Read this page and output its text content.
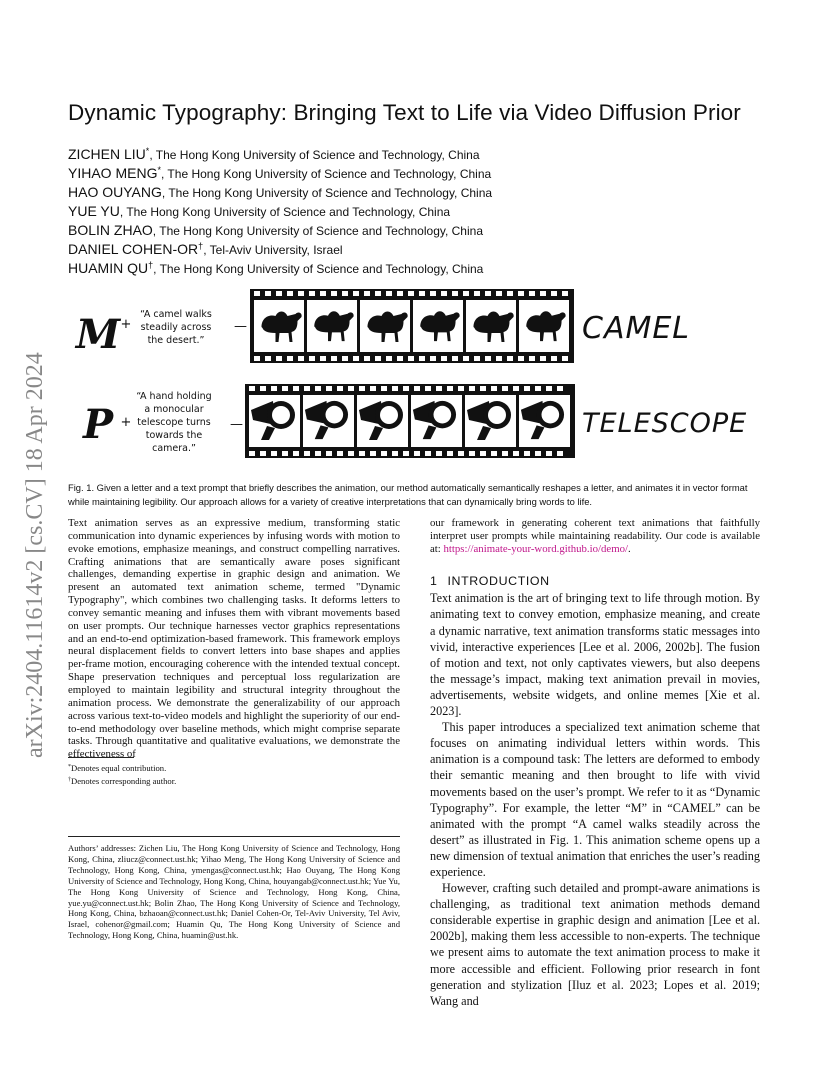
arXiv:2404.11614v2 [cs.CV] 18 Apr 2024
Dynamic Typography: Bringing Text to Life via Video Diffusion Prior
ZICHEN LIU*, The Hong Kong University of Science and Technology, China
YIHAO MENG*, The Hong Kong University of Science and Technology, China
HAO OUYANG, The Hong Kong University of Science and Technology, China
YUE YU, The Hong Kong University of Science and Technology, China
BOLIN ZHAO, The Hong Kong University of Science and Technology, China
DANIEL COHEN-OR†, Tel-Aviv University, Israel
HUAMIN QU†, The Hong Kong University of Science and Technology, China
M +
“A camel walks
steadily across
the desert.”
—	CAMEL
P +
“A hand holding
a monocular
telescope turns
towards the
camera.”
—	TELESCOPE
Fig. 1. Given a letter and a text prompt that briefly describes the animation, our method automatically semantically reshapes a letter, and animates it in vector format while maintaining legibility. Our approach allows for a variety of creative interpretations that can dynamically bring words to life.

Text animation serves as an expressive medium, transforming static communication into dynamic experiences by infusing words with motion to evoke emotions, emphasize meanings, and construct compelling narratives. Crafting animations that are semantically aware poses significant challenges, demanding expertise in graphic design and animation. We present an automated text animation scheme, termed "Dynamic Typography", which combines two challenging tasks. It deforms letters to convey semantic meaning and infuses them with vibrant movements based on user prompts. Our technique harnesses vector graphics representations and an end-to-end optimization-based framework. This framework employs neural displacement fields to convert letters into base shapes and applies per-frame motion, encouraging coherence with the intended textual concept. Shape preservation techniques and perceptual loss regularization are employed to maintain legibility and structural integrity throughout the animation process. We demonstrate the generalizability of our approach across various text-to-video models and highlight the superiority of our end-to-end methodology over baseline methods, which might comprise separate tasks. Through quantitative and qualitative evaluations, we demonstrate the effectiveness of

*Denotes equal contribution.
†Denotes corresponding author.
Authors’ addresses: Zichen Liu, The Hong Kong University of Science and Technology, Hong Kong, China, zliucz@connect.ust.hk; Yihao Meng, The Hong Kong University of Science and Technology, Hong Kong, China, ymengas@connect.ust.hk; Hao Ouyang, The Hong Kong University of Science and Technology, Hong Kong, China, houyangab@connect.ust.hk; Yue Yu, The Hong Kong University of Science and Technology, Hong Kong, China, yue.yu@connect.ust.hk; Bolin Zhao, The Hong Kong University of Science and Technology, Hong Kong, China, bzhaoan@connect.ust.hk; Daniel Cohen-Or, Tel-Aviv University, Tel Aviv, Israel, cohenor@gmail.com; Huamin Qu, The Hong Kong University of Science and Technology, Hong Kong, China, huamin@ust.hk.

our framework in generating coherent text animations that faithfully interpret user prompts while maintaining readability. Our code is available at: https://animate-your-word.github.io/demo/.

1 INTRODUCTION

Text animation is the art of bringing text to life through motion. By animating text to convey emotion, emphasize meaning, and create a dynamic narrative, text animation transforms static messages into vivid, interactive experiences [Lee et al. 2006, 2002b]. The fusion of motion and text, not only captivates viewers, but also deepens the message’s impact, making text animation prevail in movies, advertisements, website widgets, and online memes [Xie et al. 2023].

This paper introduces a specialized text animation scheme that focuses on animating individual letters within words. This animation is a compound task: The letters are deformed to embody their semantic meaning and then brought to life with vivid movements based on the user’s prompt. We refer to it as “Dynamic Typography”. For example, the letter “M” in “CAMEL” can be animated with the prompt “A camel walks steadily across the desert” as illustrated in Fig. 1. This animation scheme opens up a new dimension of textual animation that enriches the user’s reading experience.

However, crafting such detailed and prompt-aware animations is challenging, as traditional text animation methods demand considerable expertise in graphic design and animation [Lee et al. 2002b], making them less accessible to non-experts. The technique we present aims to automate the text animation process to make it more accessible and efficient. Following prior research in font generation and stylization [Iluz et al. 2023; Lopes et al. 2019; Wang and
